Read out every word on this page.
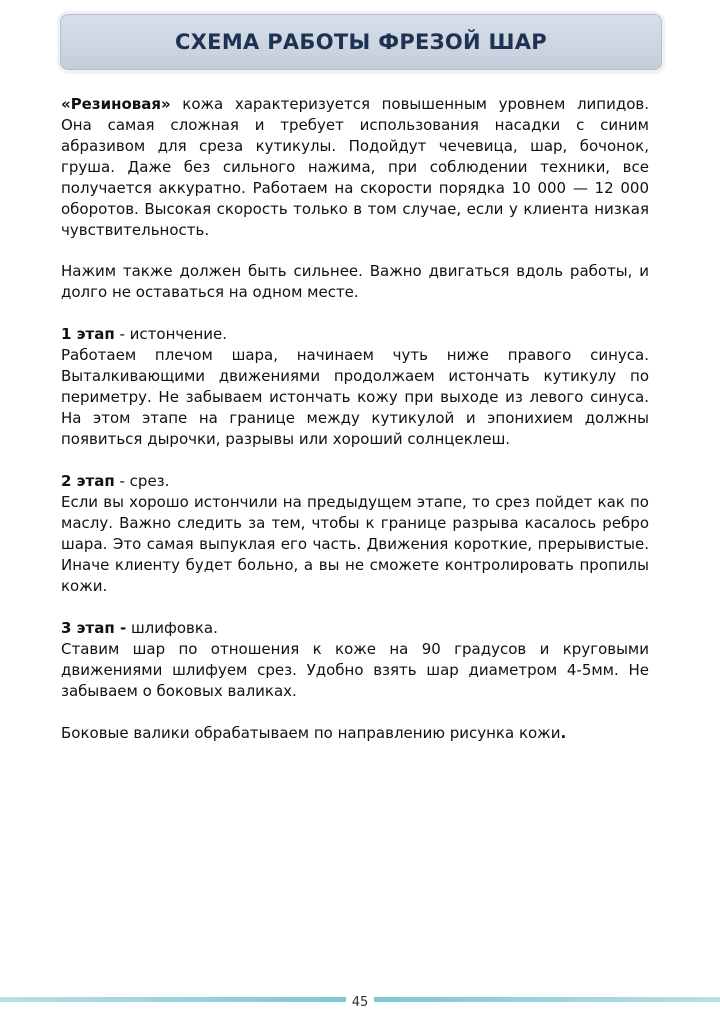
СХЕМА РАБОТЫ ФРЕЗОЙ ШАР

«Резиновая» кожа характеризуется повышенным уровнем липидов. Она самая сложная и требует использования насадки с синим абразивом для среза кутикулы. Подойдут чечевица, шар, бочонок, груша. Даже без сильного нажима, при соблюдении техники, все получается аккуратно. Работаем на скорости порядка 10 000 — 12 000 оборотов. Высокая скорость только в том случае, если у клиента низкая чувствительность.

Нажим также должен быть сильнее. Важно двигаться вдоль работы, и долго не оставаться на одном месте.

1 этап - истончение.

Работаем плечом шара, начинаем чуть ниже правого синуса. Выталкивающими движениями продолжаем истончать кутикулу по периметру. Не забываем истончать кожу при выходе из левого синуса. На этом этапе на границе между кутикулой и эпонихием должны появиться дырочки, разрывы или хороший солнцеклеш.

2 этап - срез.

Если вы хорошо истончили на предыдущем этапе, то срез пойдет как по маслу. Важно следить за тем, чтобы к границе разрыва касалось ребро шара. Это самая выпуклая его часть. Движения короткие, прерывистые. Иначе клиенту будет больно, а вы не сможете контролировать пропилы кожи.

3 этап - шлифовка.

Ставим шар по отношения к коже на 90 градусов и круговыми движениями шлифуем срез. Удобно взять шар диаметром 4-5мм. Не забываем о боковых валиках.

Боковые валики обрабатываем по направлению рисунка кожи.

45
